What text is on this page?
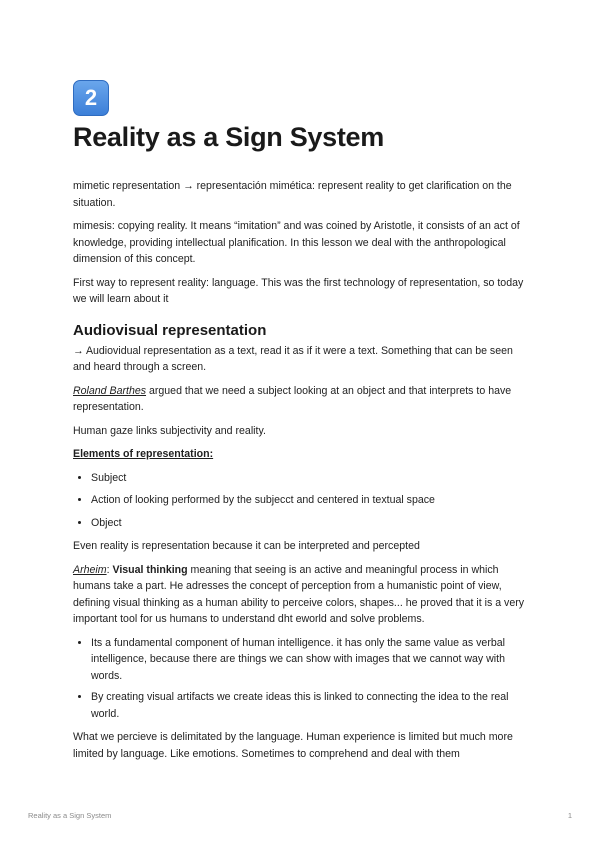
2
Reality as a Sign System

mimetic representation → representación mimética: represent reality to get clarification on the situation.

mimesis: copying reality. It means “imitation” and was coined by Aristotle, it consists of an act of knowledge, providing intellectual planification. In this lesson we deal with the anthropological dimension of this concept.

First way to represent reality: language. This was the first technology of representation, so today we will learn about it

Audiovisual representation

→ Audiovidual representation as a text, read it as if it were a text. Something that can be seen and heard through a screen.

Roland Barthes argued that we need a subject looking at an object and that interprets to have representation.

Human gaze links subjectivity and reality.

Elements of representation:

• Subject
• Action of looking performed by the subjecct and centered in textual space
• Object

Even reality is representation because it can be interpreted and percepted

Arheim: Visual thinking meaning that seeing is an active and meaningful process in which humans take a part. He adresses the concept of perception from a humanistic point of view, defining visual thinking as a human ability to perceive colors, shapes... he proved that it is a very important tool for us humans to understand dht eworld and solve problems.

• Its a fundamental component of human intelligence. it has only the same value as verbal intelligence, because there are things we can show with images that we cannot way with words.
• By creating visual artifacts we create ideas this is linked to connecting the idea to the real world.

What we percieve is delimitated by the language. Human experience is limited but much more limited by language. Like emotions. Sometimes to comprehend and deal with them

Reality as a Sign System	1
